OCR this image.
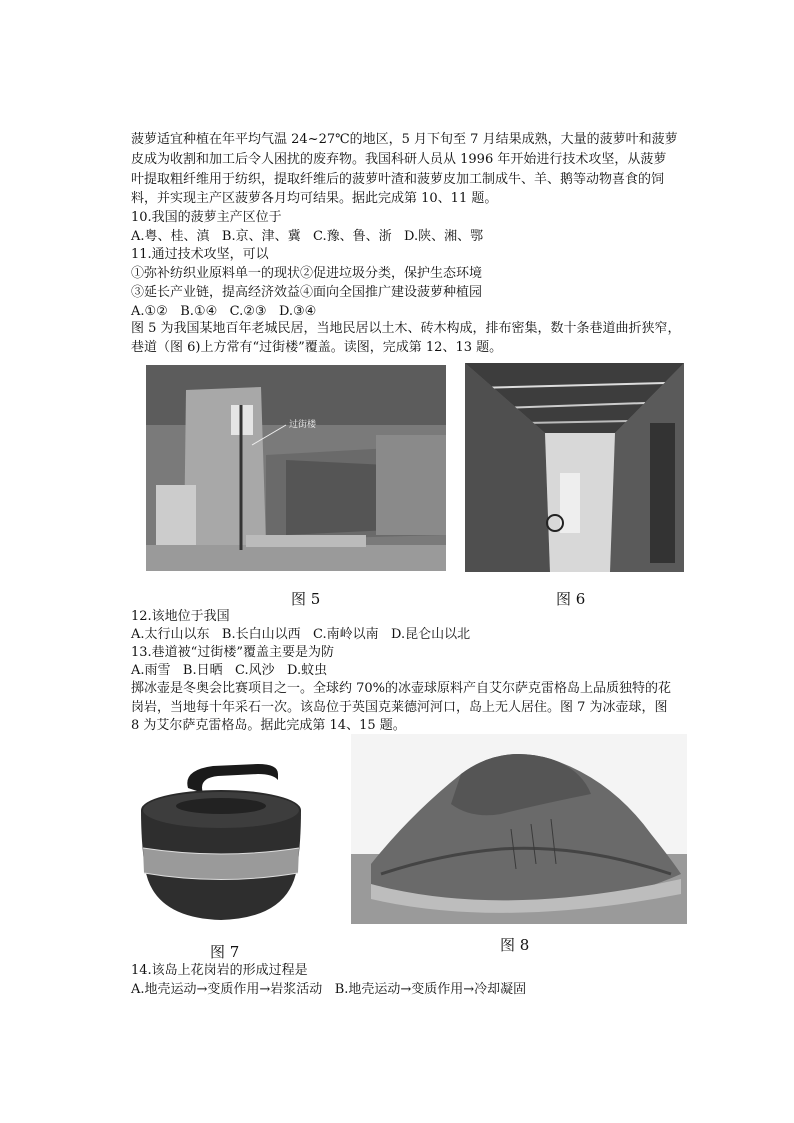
菠萝适宜种植在年平均气温 24~27℃的地区，5 月下旬至 7 月结果成熟，大量的菠萝叶和菠萝
皮成为收割和加工后令人困扰的废弃物。我国科研人员从 1996 年开始进行技术攻坚，从菠萝
叶提取粗纤维用于纺织，提取纤维后的菠萝叶渣和菠萝皮加工制成牛、羊、鹅等动物喜食的饲
料，并实现主产区菠萝各月均可结果。据此完成第 10、11 题。
10.我国的菠萝主产区位于
A.粤、桂、滇   B.京、津、冀   C.豫、鲁、浙   D.陕、湘、鄂
11.通过技术攻坚，可以
①弥补纺织业原料单一的现状②促进垃圾分类，保护生态环境
③延长产业链，提高经济效益④面向全国推广建设菠萝种植园
A.①②   B.①④   C.②③   D.③④
图 5 为我国某地百年老城民居，当地民居以土木、砖木构成，排布密集，数十条巷道曲折狭窄，
巷道（图 6)上方常有“过街楼”覆盖。读图，完成第 12、13 题。
过街楼
图 5	图 6
12.该地位于我国
A.太行山以东   B.长白山以西   C.南岭以南   D.昆仑山以北
13.巷道被“过街楼”覆盖主要是为防
A.雨雪   B.日晒   C.风沙   D.蚊虫
掷冰壶是冬奥会比赛项目之一。全球约 70%的冰壶球原料产自艾尔萨克雷格岛上品质独特的花
岗岩，当地每十年采石一次。该岛位于英国克莱德河河口，岛上无人居住。图 7 为冰壶球，图
8 为艾尔萨克雷格岛。据此完成第 14、15 题。
图 7	图 8
14.该岛上花岗岩的形成过程是
A.地壳运动→变质作用→岩浆活动   B.地壳运动→变质作用→冷却凝固
